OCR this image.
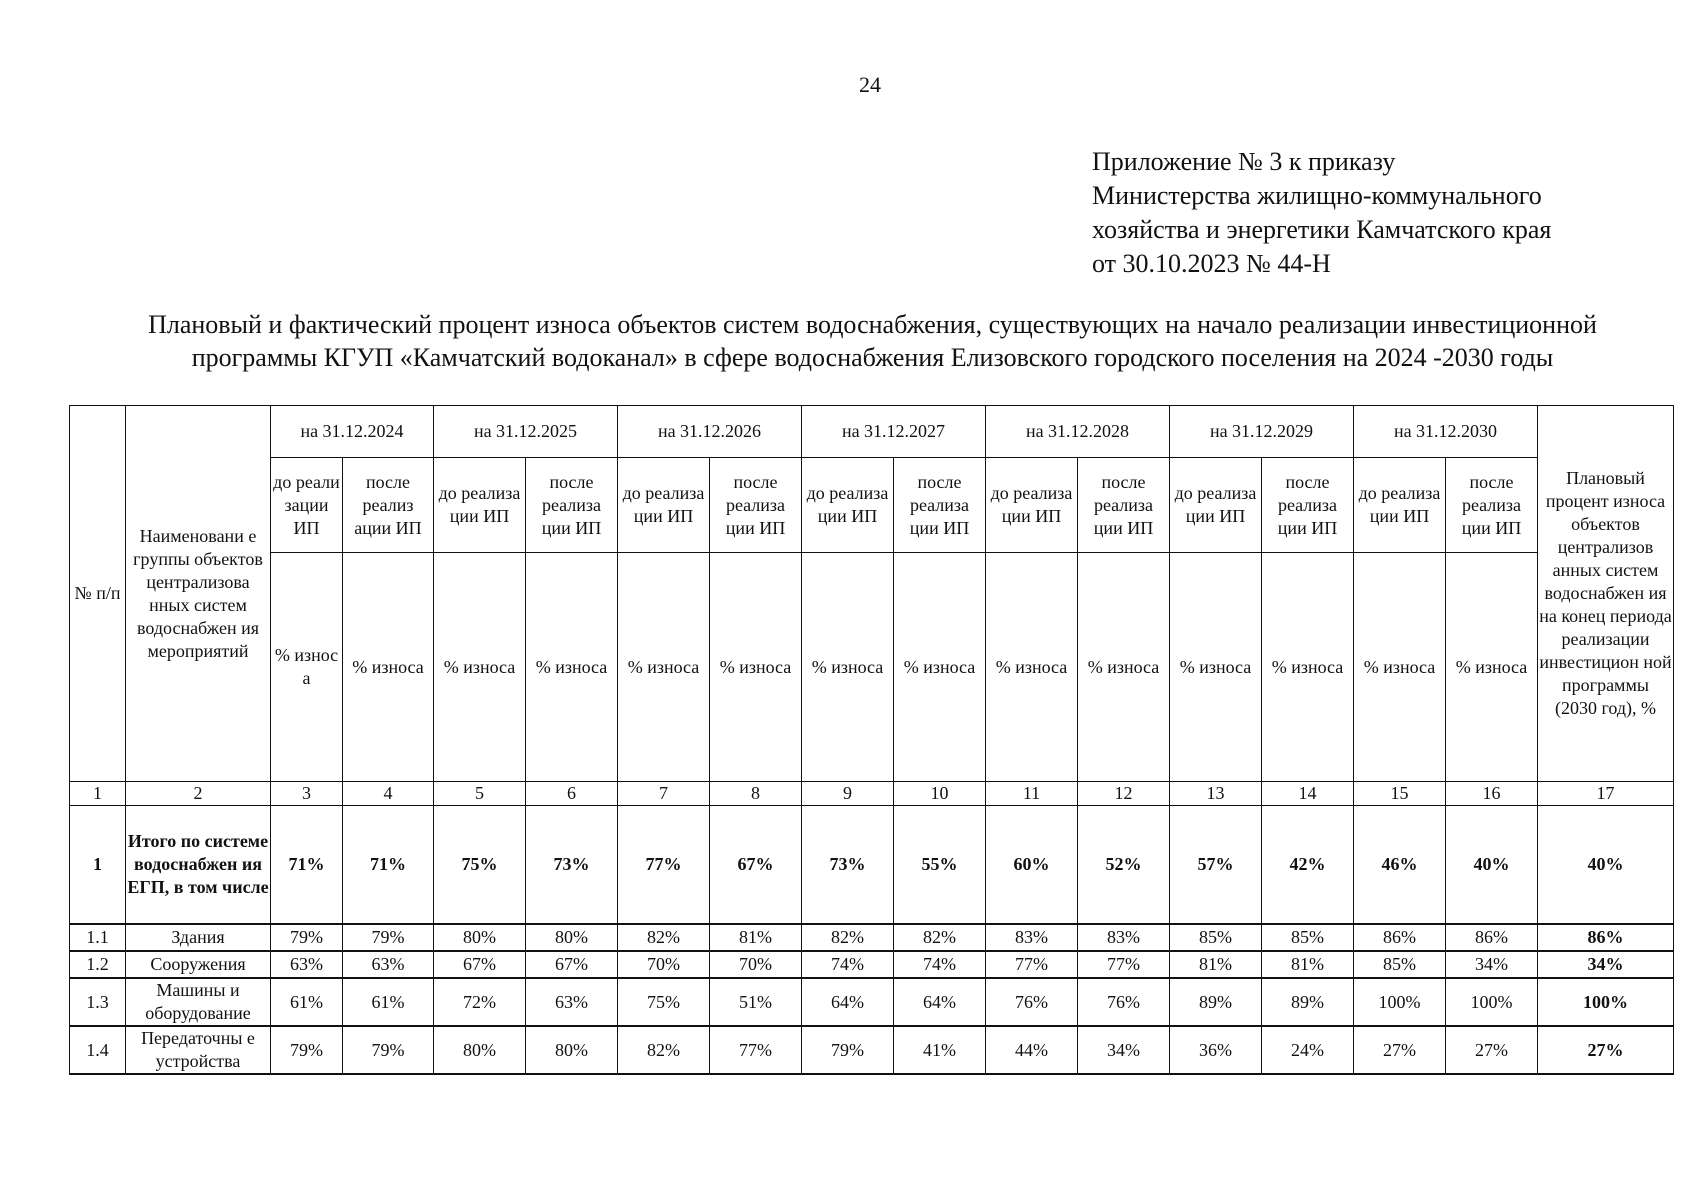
24
Приложение № 3 к приказу
Министерства жилищно-коммунального
хозяйства и энергетики Камчатского края
от 30.10.2023 № 44-Н
Плановый и фактический процент износа объектов систем водоснабжения, существующих на начало реализации инвестиционной
программы КГУП «Камчатский водоканал» в сфере водоснабжения Елизовского городского поселения на 2024 -2030 годы
№ п/п	Наименовани е группы объектов централизова нных систем водоснабжен ия мероприятий	на 31.12.2024		на 31.12.2025		на 31.12.2026		на 31.12.2027		на 31.12.2028		на 31.12.2029		на 31.12.2030		Плановый процент износа объектов централизов анных систем водоснабжен ия на конец периода реализации инвестицион ной программы (2030 год), %
		до реали зации ИП	после реализ ации ИП	до реализа ции ИП	после реализа ции ИП	до реализа ции ИП	после реализа ции ИП	до реализа ции ИП	после реализа ции ИП	до реализа ции ИП	после реализа ции ИП	до реализа ции ИП	после реализа ции ИП	до реализа ции ИП	после реализа ции ИП	
		% износ а	% износа	% износа	% износа	% износа	% износа	% износа	% износа	% износа	% износа	% износа	% износа	% износа	% износа	
1	2	3	4	5	6	7	8	9	10	11	12	13	14	15	16	17
1	Итого по системе водоснабжен ия ЕГП, в том числе	71%	71%	75%	73%	77%	67%	73%	55%	60%	52%	57%	42%	46%	40%	40%
1.1	Здания	79%	79%	80%	80%	82%	81%	82%	82%	83%	83%	85%	85%	86%	86%	86%
1.2	Сооружения	63%	63%	67%	67%	70%	70%	74%	74%	77%	77%	81%	81%	85%	34%	34%
1.3	Машины и оборудование	61%	61%	72%	63%	75%	51%	64%	64%	76%	76%	89%	89%	100%	100%	100%
1.4	Передаточны е устройства	79%	79%	80%	80%	82%	77%	79%	41%	44%	34%	36%	24%	27%	27%	27%
